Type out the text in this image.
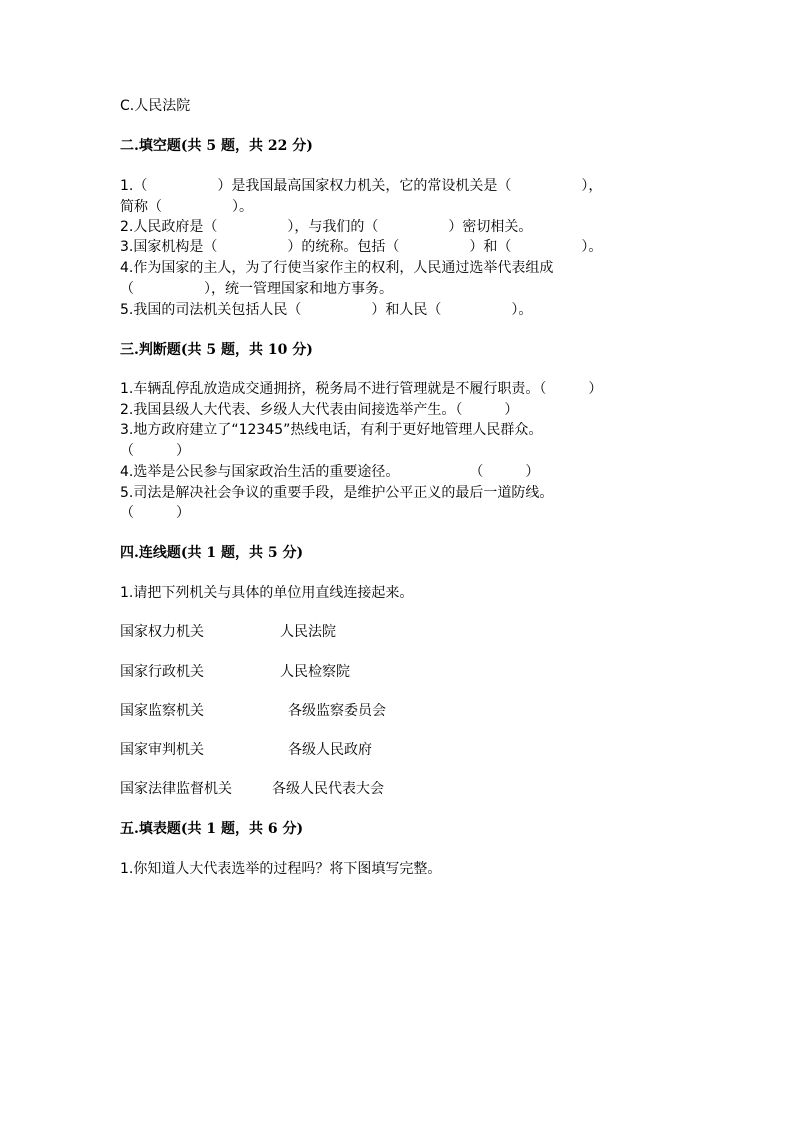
C.人民法院

二.填空题(共 5 题，共 22 分)

1.（　　　　　）是我国最高国家权力机关，它的常设机关是（　　　　　），

简称（　　　　　）。

2.人民政府是（　　　　　），与我们的（　　　　　）密切相关。

3.国家机构是（　　　　　）的统称。包括（　　　　　）和（　　　　　）。

4.作为国家的主人，为了行使当家作主的权利，人民通过选举代表组成

（　　　　　），统一管理国家和地方事务。

5.我国的司法机关包括人民（　　　　　）和人民（　　　　　）。

三.判断题(共 5 题，共 10 分)

1.车辆乱停乱放造成交通拥挤，税务局不进行管理就是不履行职责。（　　　）

2.我国县级人大代表、乡级人大代表由间接选举产生。（　　　）

3.地方政府建立了“12345”热线电话，有利于更好地管理人民群众。

（　　　）

4.选举是公民参与国家政治生活的重要途径。　　　　　　（　　　）

5.司法是解决社会争议的重要手段，是维护公平正义的最后一道防线。

（　　　）

四.连线题(共 1 题，共 5 分)

1.请把下列机关与具体的单位用直线连接起来。

国家权力机关	人民法院

国家行政机关	人民检察院

国家监察机关	各级监察委员会

国家审判机关	各级人民政府

国家法律监督机关	各级人民代表大会

五.填表题(共 1 题，共 6 分)

1.你知道人大代表选举的过程吗？将下图填写完整。
